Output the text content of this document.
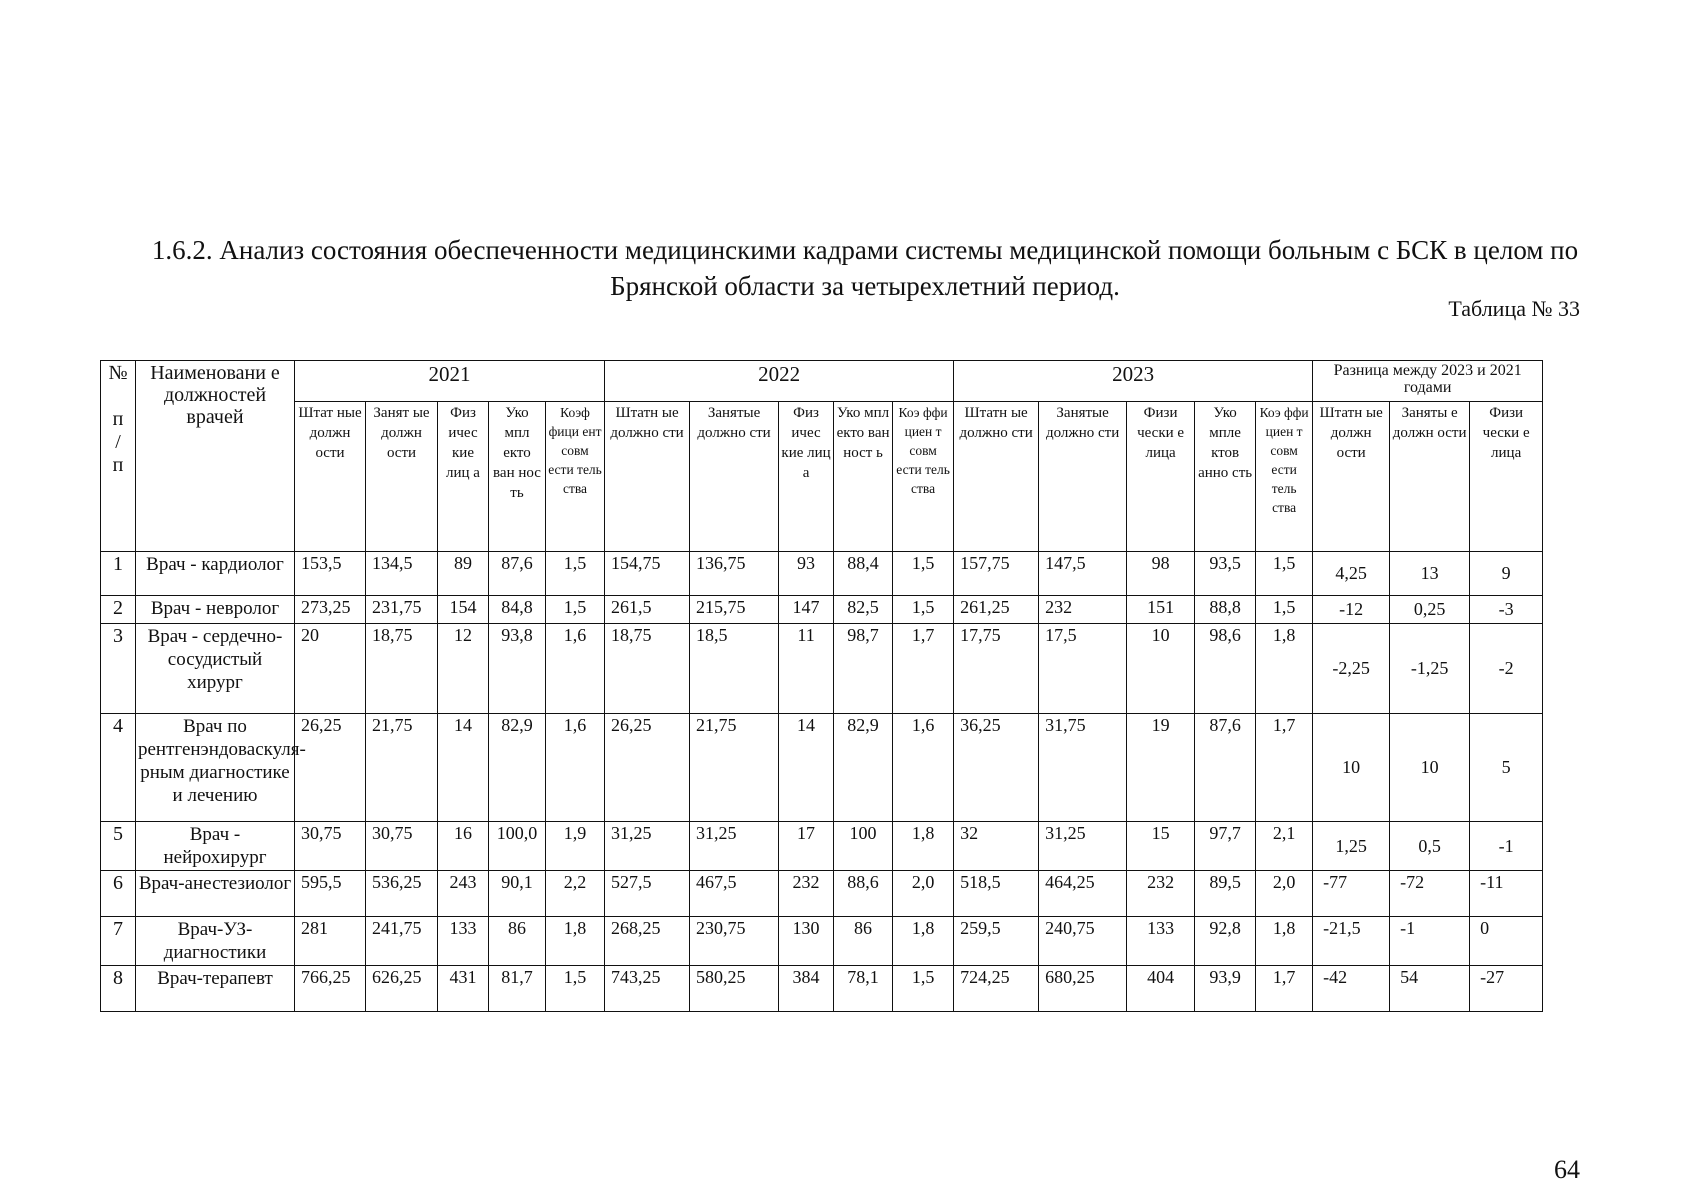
1.6.2. Анализ состояния обеспеченности медицинскими кадрами системы медицинской помощи больным с БСК в целом по Брянской области за четырехлетний период.
Таблица № 33
№

п
/
п	Наименовани е должностей врачей	2021					2022					2023					Разница между 2023 и 2021 годами		
		Штат ные должн ости	Занят ые должн ости	Физ ичес кие лиц а	Уко мпл екто ван нос ть	Коэф фици ент совм ести тель ства	Штатн ые должно сти	Занятые должно сти	Физ ичес кие лиц а	Уко мпл екто ван ност ь	Коэ ффи циен т совм ести тель ства	Штатн ые должно сти	Занятые должно сти	Физи чески е лица	Уко мпле ктов анно сть	Коэ ффи циен т совм ести тель ства	Штатн ые должн ости	Заняты е должн ости	Физи чески е лица
1	Врач - кардиолог	153,5	134,5	89	87,6	1,5	154,75	136,75	93	88,4	1,5	157,75	147,5	98	93,5	1,5	4,25	13	9
2	Врач - невролог	273,25	231,75	154	84,8	1,5	261,5	215,75	147	82,5	1,5	261,25	232	151	88,8	1,5	-12	0,25	-3
3	Врач - сердечно-сосудистый хирург	20	18,75	12	93,8	1,6	18,75	18,5	11	98,7	1,7	17,75	17,5	10	98,6	1,8	-2,25	-1,25	-2
4	Врач по рентгенэндоваскуля-рным диагностике и лечению	26,25	21,75	14	82,9	1,6	26,25	21,75	14	82,9	1,6	36,25	31,75	19	87,6	1,7	10	10	5
5	Врач - нейрохирург	30,75	30,75	16	100,0	1,9	31,25	31,25	17	100	1,8	32	31,25	15	97,7	2,1	1,25	0,5	-1
6	Врач-анестезиолог	595,5	536,25	243	90,1	2,2	527,5	467,5	232	88,6	2,0	518,5	464,25	232	89,5	2,0	-77	-72	-11
7	Врач-УЗ-диагностики	281	241,75	133	86	1,8	268,25	230,75	130	86	1,8	259,5	240,75	133	92,8	1,8	-21,5	-1	0
8	Врач-терапевт	766,25	626,25	431	81,7	1,5	743,25	580,25	384	78,1	1,5	724,25	680,25	404	93,9	1,7	-42	54	-27
64
